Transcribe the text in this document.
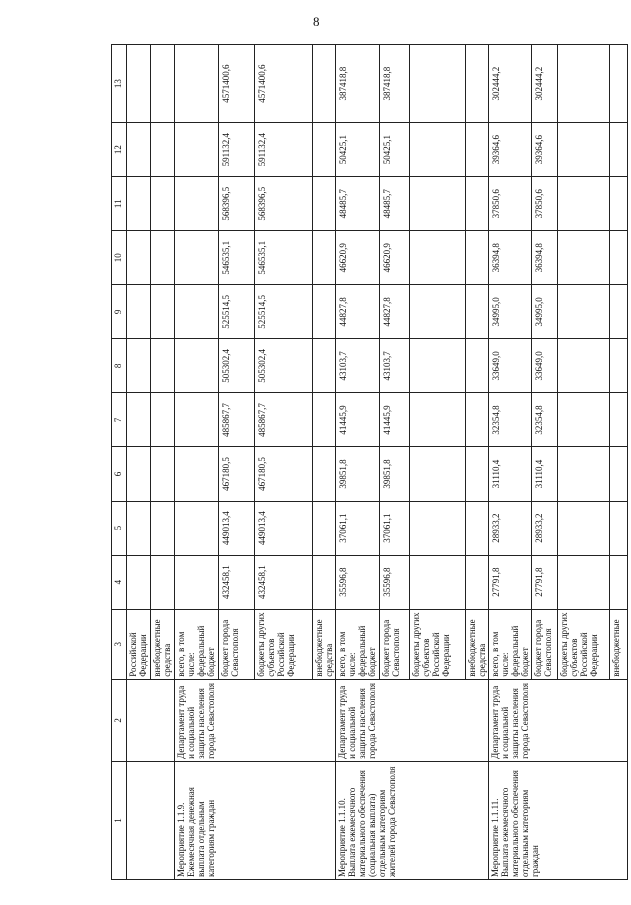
8
1	2	3	4	5	6	7	8	9	10	11	12	13
		Российской Федерации										
		внебюджетные средства										
Мероприятие 1.1.9. Ежемесячная денежная выплата отдельным категориям граждан	Департамент труда и социальной защиты населения города Севастополя	всего, в том числе: федеральный бюджет										
		бюджет города Севастополя	432458,1	449013,4	467180,5	485867,7	505302,4	525514,5	546535,1	568396,5	591132,4	4571400,6
		бюджеты других субъектов Российской Федерации	432458,1	449013,4	467180,5	485867,7	505302,4	525514,5	546535,1	568396,5	591132,4	4571400,6
		внебюджетные средства										
Мероприятие 1.1.10. Выплата ежемесячного материального обеспечения (социальная выплата) отдельным категориям жителей города Севастополя	Департамент труда и социальной защиты населения города Севастополя	всего, в том числе: федеральный бюджет	35596,8	37061,1	39851,8	41445,9	43103,7	44827,8	46620,9	48485,7	50425,1	387418,8
		бюджет города Севастополя	35596,8	37061,1	39851,8	41445,9	43103,7	44827,8	46620,9	48485,7	50425,1	387418,8
		бюджеты других субъектов Российской Федерации										
		внебюджетные средства										
Мероприятие 1.1.11. Выплата ежемесячного материального обеспечения отдельным категориям граждан	Департамент труда и социальной защиты населения города Севастополя	всего, в том числе: федеральный бюджет	27791,8	28933,2	31110,4	32354,8	33649,0	34995,0	36394,8	37850,6	39364,6	302444,2
		бюджет города Севастополя	27791,8	28933,2	31110,4	32354,8	33649,0	34995,0	36394,8	37850,6	39364,6	302444,2
		бюджеты других субъектов Российской Федерации										
		внебюджетные										
